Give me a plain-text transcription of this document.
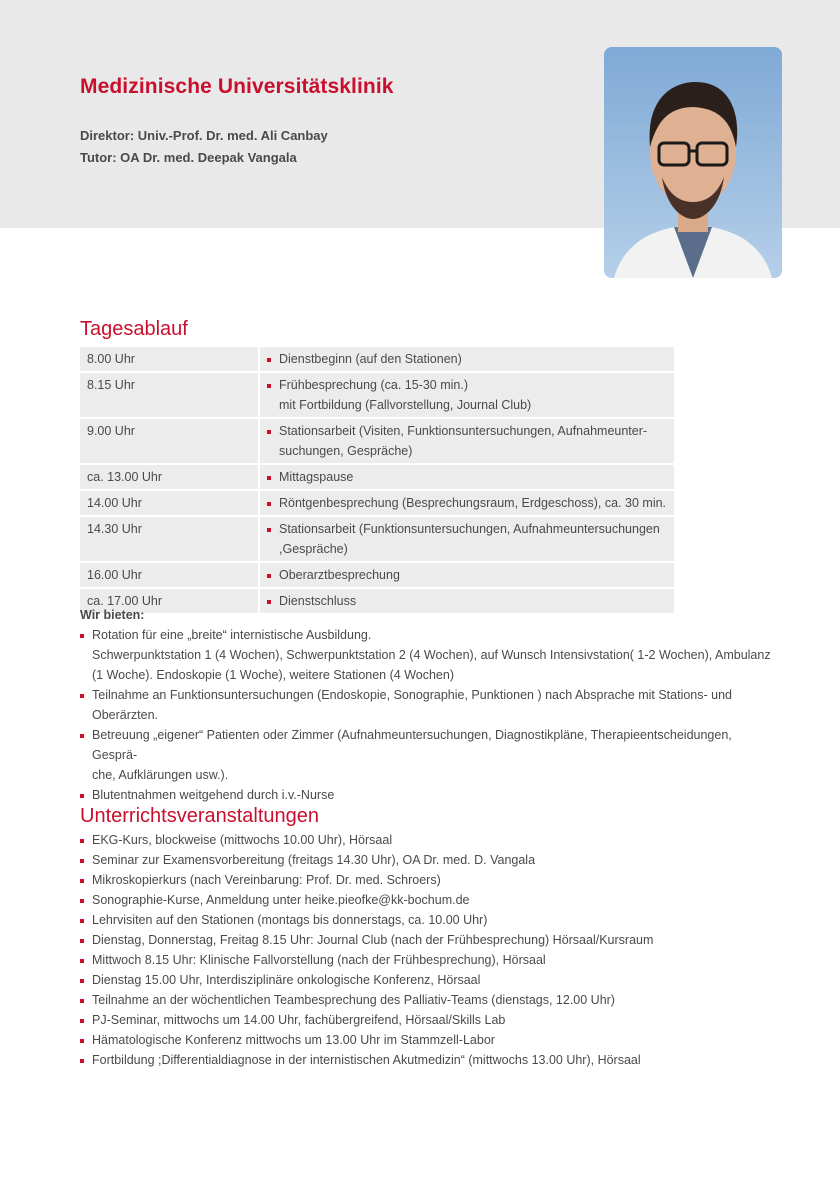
Medizinische Universitätsklinik
Direktor: Univ.-Prof. Dr. med. Ali Canbay
Tutor: OA Dr. med. Deepak Vangala
Tagesablauf
8.00 Uhr		Dienstbeginn (auf den Stationen)

8.15 Uhr		Frühbesprechung (ca. 15-30 min.)
mit Fortbildung (Fallvorstellung, Journal Club)

9.00 Uhr		Stationsarbeit (Visiten, Funktionsuntersuchungen, Aufnahmeunter-
suchungen, Gespräche)

ca. 13.00 Uhr		Mittagspause

14.00 Uhr		Röntgenbesprechung (Besprechungsraum, Erdgeschoss), ca. 30 min.

14.30 Uhr		Stationsarbeit (Funktionsuntersuchungen, Aufnahmeuntersuchungen
,Gespräche)

16.00 Uhr		Oberarztbesprechung

ca. 17.00 Uhr		Dienstschluss
Wir bieten:
Rotation für eine „breite“ internistische Ausbildung.
Schwerpunktstation 1 (4 Wochen), Schwerpunktstation 2 (4 Wochen), auf Wunsch Intensivstation( 1-2 Wochen), Ambulanz
(1 Woche). Endoskopie (1 Woche), weitere Stationen (4 Wochen)
Teilnahme an Funktionsuntersuchungen (Endoskopie, Sonographie, Punktionen ) nach Absprache mit Stations- und
Oberärzten.
Betreuung „eigener“ Patienten oder Zimmer (Aufnahmeuntersuchungen, Diagnostikpläne, Therapieentscheidungen, Gesprä-
che, Aufklärungen usw.).
Blutentnahmen weitgehend durch i.v.-Nurse
Unterrichtsveranstaltungen
EKG-Kurs, blockweise (mittwochs 10.00 Uhr), Hörsaal
Seminar zur Examensvorbereitung (freitags 14.30 Uhr), OA Dr. med. D. Vangala
Mikroskopierkurs (nach Vereinbarung: Prof. Dr. med. Schroers)
Sonographie-Kurse, Anmeldung unter heike.pieofke@kk-bochum.de
Lehrvisiten auf den Stationen (montags bis donnerstags, ca. 10.00 Uhr)
Dienstag, Donnerstag, Freitag 8.15 Uhr: Journal Club (nach der Frühbesprechung) Hörsaal/Kursraum
Mittwoch 8.15 Uhr: Klinische Fallvorstellung (nach der Frühbesprechung), Hörsaal
Dienstag 15.00 Uhr, Interdisziplinäre onkologische Konferenz, Hörsaal
Teilnahme an der wöchentlichen Teambesprechung des Palliativ-Teams (dienstags, 12.00 Uhr)
PJ-Seminar, mittwochs um 14.00 Uhr, fachübergreifend, Hörsaal/Skills Lab
Hämatologische Konferenz mittwochs um 13.00 Uhr im Stammzell-Labor
Fortbildung ;Differentialdiagnose in der internistischen Akutmedizin“ (mittwochs 13.00 Uhr), Hörsaal
